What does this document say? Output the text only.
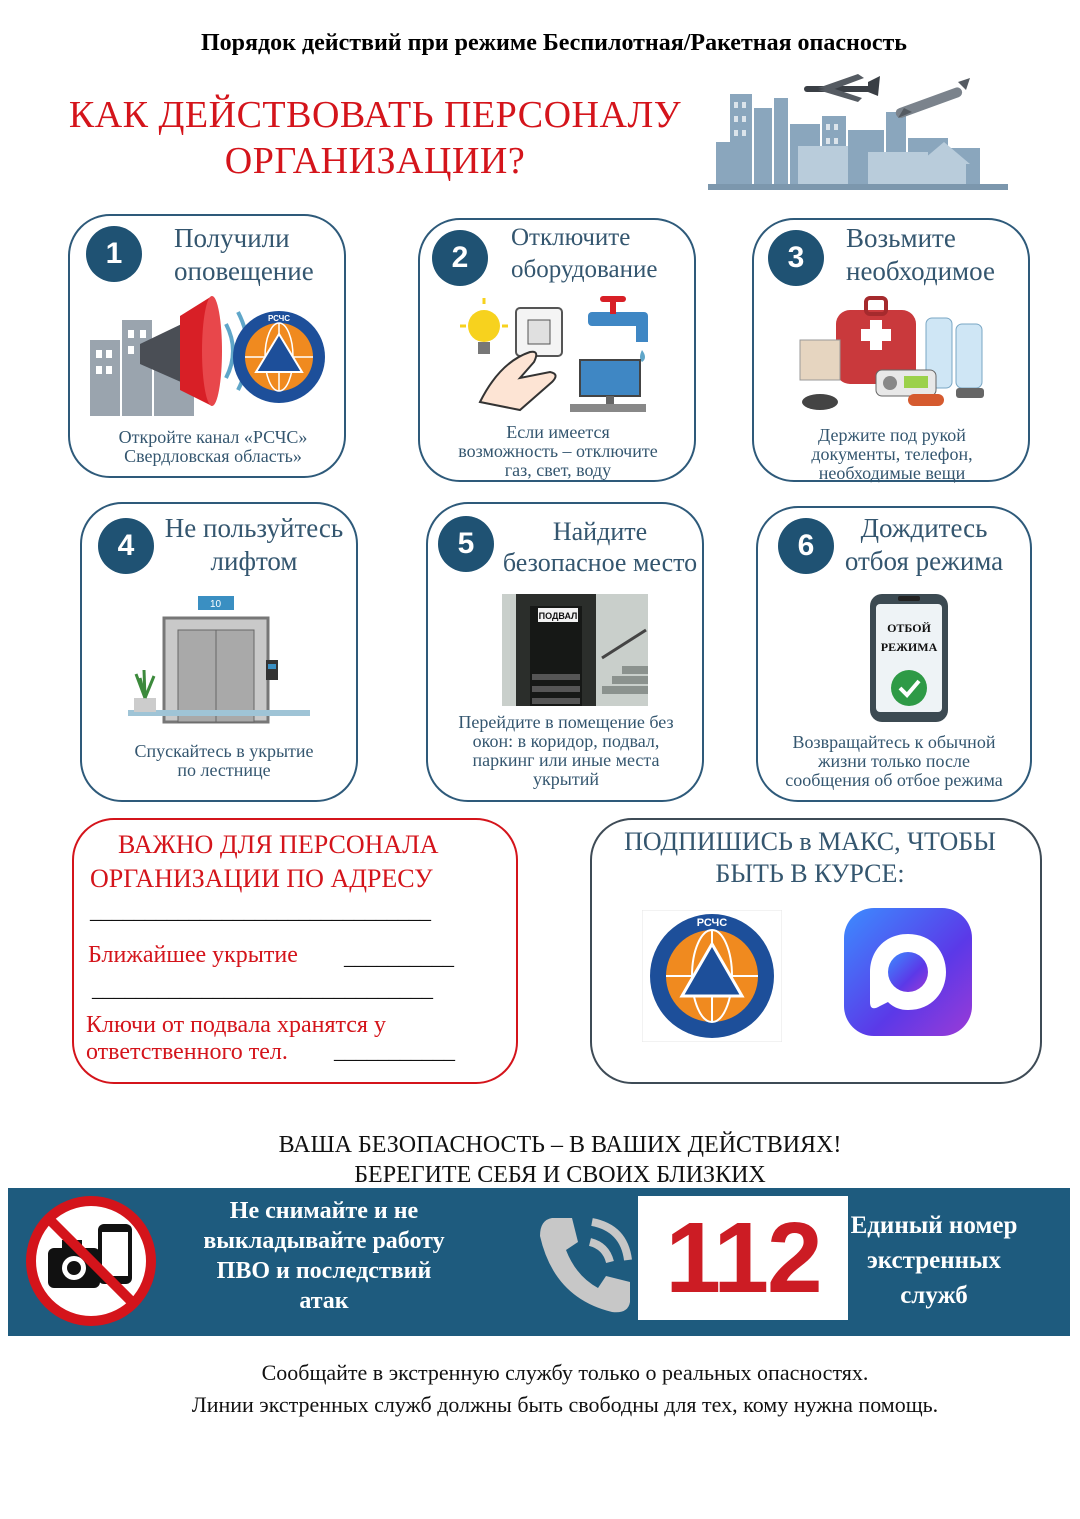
Порядок действий при режиме Беспилотная/Ракетная опасность
КАК ДЕЙСТВОВАТЬ ПЕРСОНАЛУ
ОРГАНИЗАЦИИ?
1	Получили
оповещение
РСЧС
Откройте канал «РСЧС»
Свердловская область»
2
Отключите
оборудование
Если имеется
возможность – отключите
газ, свет, воду
3
Возьмите
необходимое
Держите под рукой
документы, телефон,
необходимые вещи
4
Не пользуйтесь
лифтом
10
Спускайтесь в укрытие
по лестнице
5	Найдите
безопасное место
ПОДВАЛ
Перейдите в помещение без
окон: в коридор, подвал,
паркинг или иные места
укрытий
6
Дождитесь
отбоя режима
ОТБОЙ
РЕЖИМА
Возвращайтесь к обычной
жизни только после
сообщения об отбое режима
ВАЖНО ДЛЯ ПЕРСОНАЛА
ОРГАНИЗАЦИИ ПО АДРЕСУ
_______________________________
Ближайшее укрытие __________
_______________________________
Ключи от подвала хранятся у
ответственного тел.	___________
ПОДПИШИСЬ в МАКС, ЧТОБЫ
БЫТЬ В КУРСЕ:
РСЧС
ВАША БЕЗОПАСНОСТЬ – В ВАШИХ ДЕЙСТВИЯХ!
БЕРЕГИТЕ СЕБЯ И СВОИХ БЛИЗКИХ
Не снимайте и не
выкладывайте работу
ПВО и последствий
атак	112	Единый номер
экстренных
служб
Сообщайте в экстренную службу только о реальных опасностях.
Линии экстренных служб должны быть свободны для тех, кому нужна помощь.
